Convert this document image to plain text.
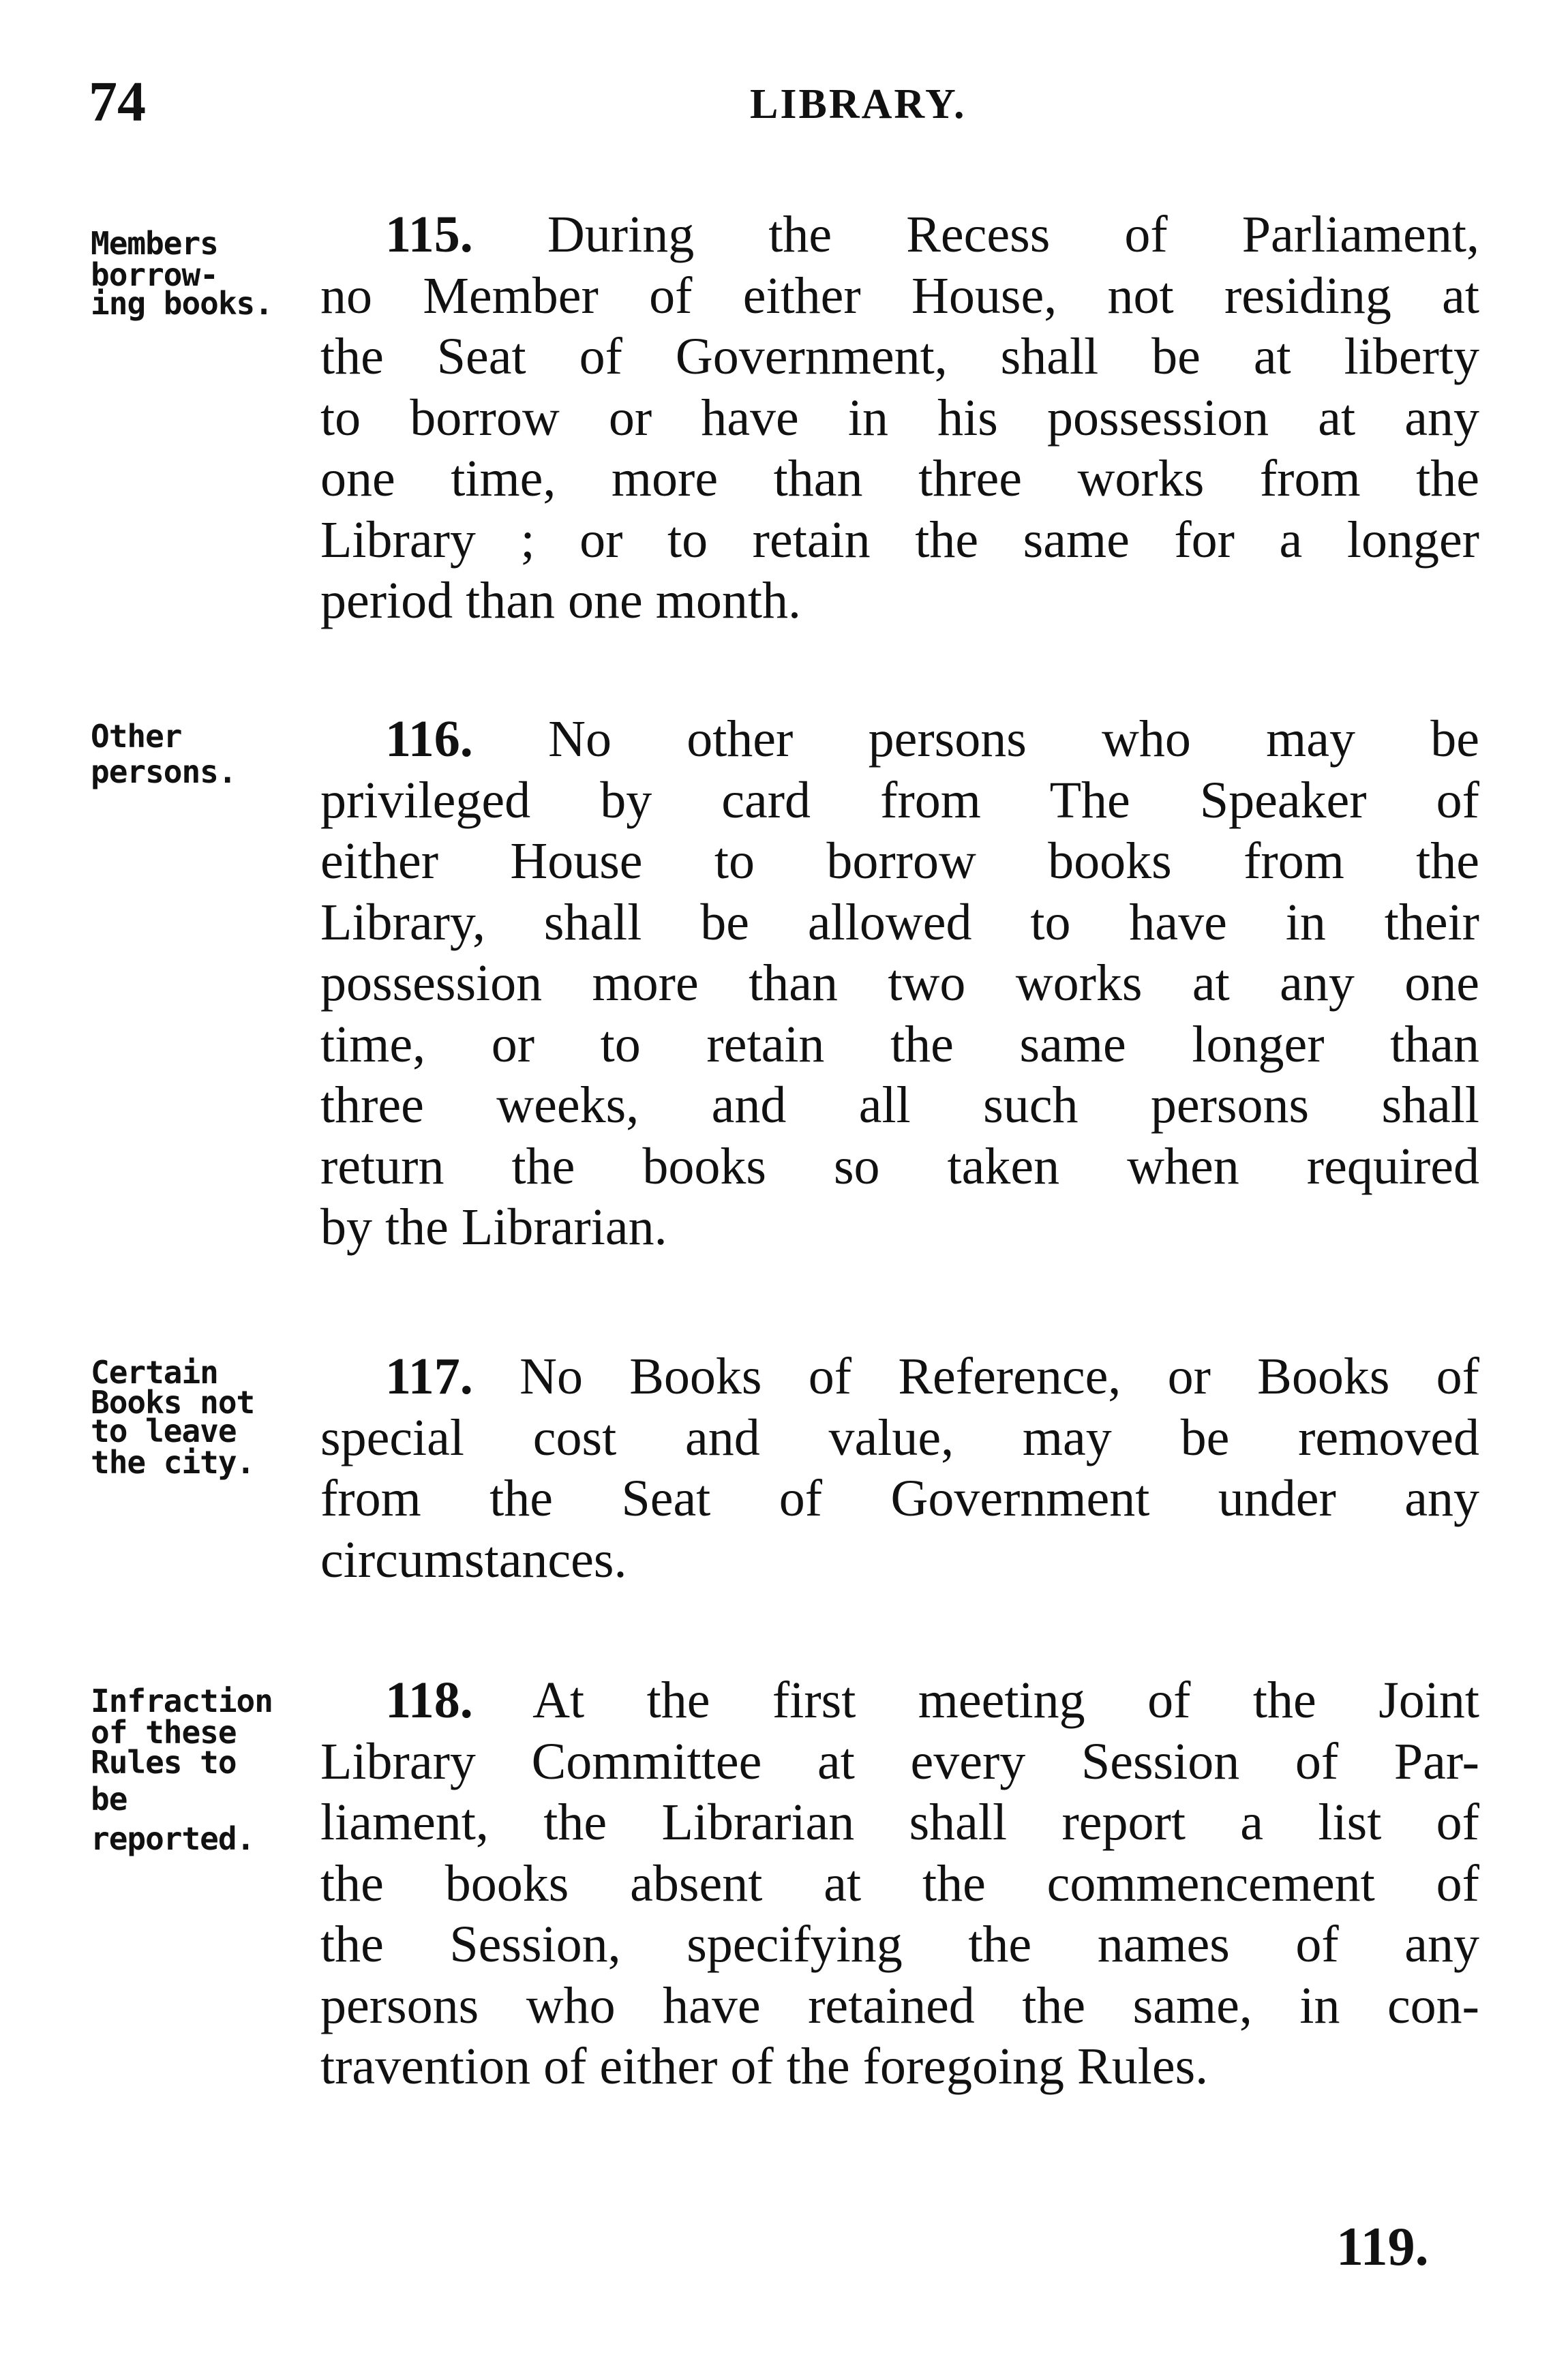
74	LIBRARY.
Members
borrow-
ing books.
115. During the Recess of Parliament,
no Member of either House, not residing at
the Seat of Government, shall be at liberty
to borrow or have in his possession at any
one time, more than three works from the
Library ; or to retain the same for a longer
period than one month.
Other
persons.
116. No other persons who may be
privileged by card from The Speaker of
either House to borrow books from the
Library, shall be allowed to have in their
possession more than two works at any one
time, or to retain the same longer than
three weeks, and all such persons shall
return the books so taken when required
by the Librarian.
Certain
Books not
to leave
the city.
117. No Books of Reference, or Books of
special cost and value, may be removed
from the Seat of Government under any
circumstances.
Infraction
of these
Rules to
be
reported.
118. At the first meeting of the Joint
Library Committee at every Session of Par-
liament, the Librarian shall report a list of
the books absent at the commencement of
the Session, specifying the names of any
persons who have retained the same, in con-
travention of either of the foregoing Rules.
119.
